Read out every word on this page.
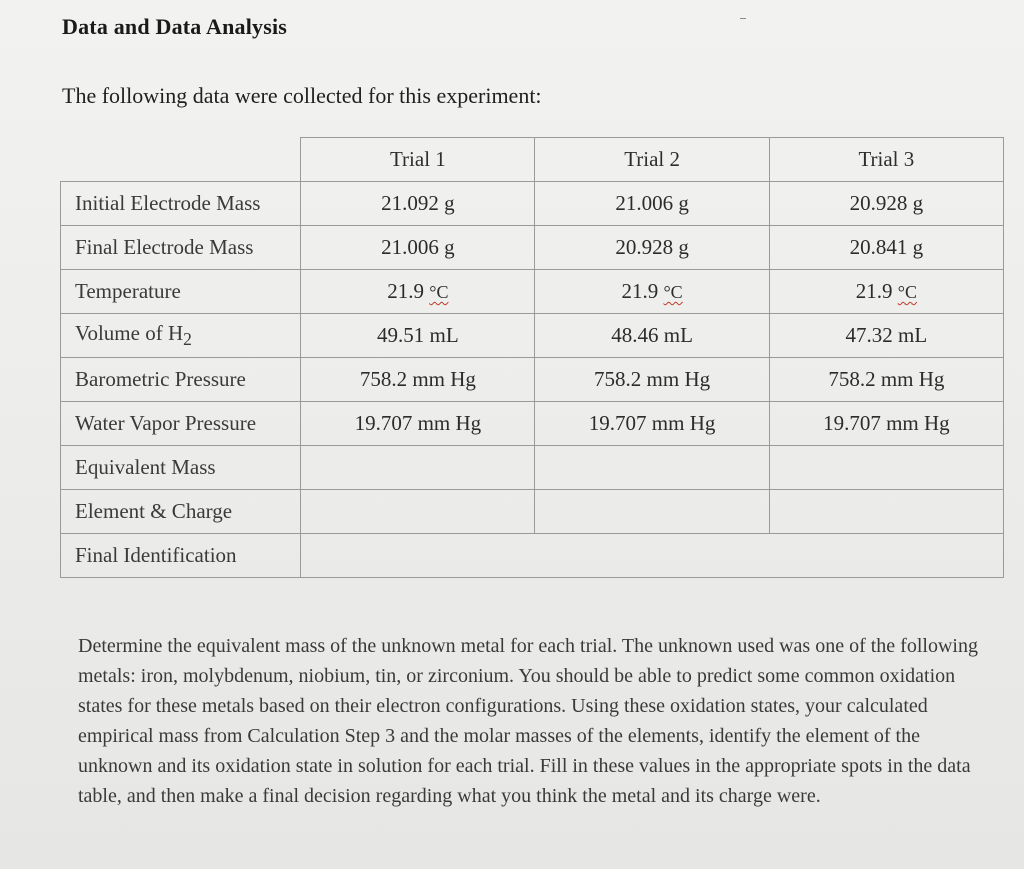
Data and Data Analysis
The following data were collected for this experiment:
	Trial 1	Trial 2	Trial 3
Initial Electrode Mass	21.092 g	21.006 g	20.928 g
Final Electrode Mass	21.006 g	20.928 g	20.841 g
Temperature	21.9 °C	21.9 °C	21.9 °C
Volume of $H_2$	49.51 mL	48.46 mL	47.32 mL
Barometric Pressure	758.2 mm Hg	758.2 mm Hg	758.2 mm Hg
Water Vapor Pressure	19.707 mm Hg	19.707 mm Hg	19.707 mm Hg
Equivalent Mass			
Element & Charge			
Final Identification			
Determine the equivalent mass of the unknown metal for each trial. The unknown used was one of the following metals: iron, molybdenum, niobium, tin, or zirconium. You should be able to predict some common oxidation states for these metals based on their electron configurations. Using these oxidation states, your calculated empirical mass from Calculation Step 3 and the molar masses of the elements, identify the element of the unknown and its oxidation state in solution for each trial. Fill in these values in the appropriate spots in the data table, and then make a final decision regarding what you think the metal and its charge were.
